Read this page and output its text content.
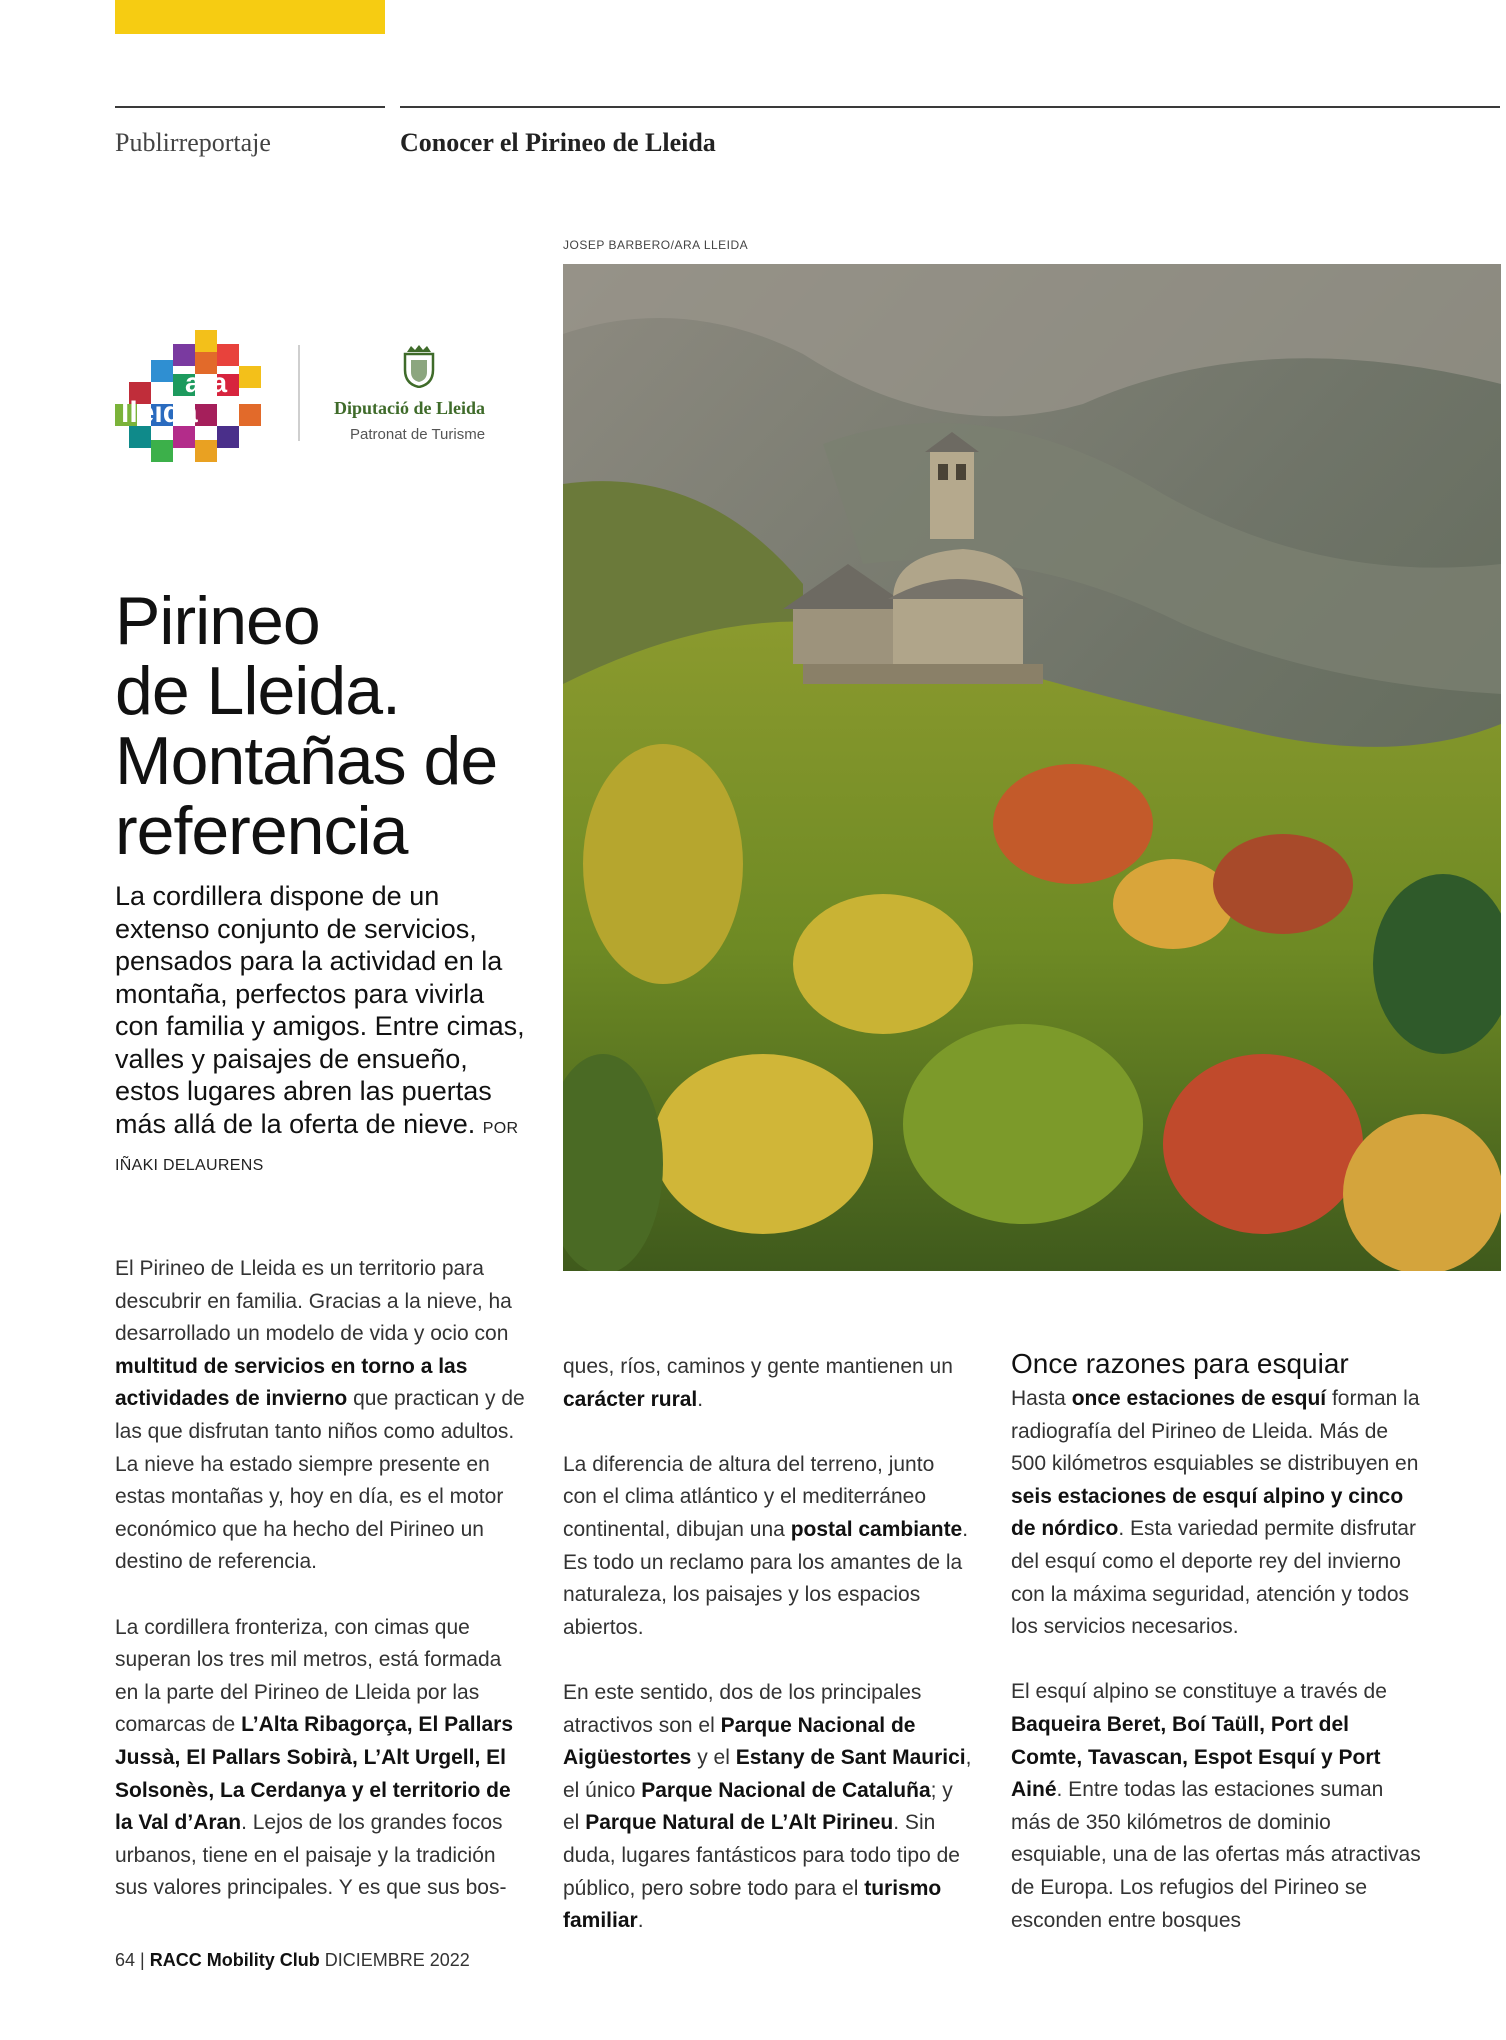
Publirreportaje	Conocer el Pirineo de Lleida
JOSEP BARBERO/ARA LLEIDA
ara
lleida	Diputació de Lleida
Patronat de Turisme
Pirineo
de Lleida.
Montañas de
referencia

La cordillera dispone de un extenso conjunto de servicios, pensados para la actividad en la montaña, perfectos para vivirla con familia y amigos. Entre cimas, valles y paisajes de ensueño, estos lugares abren las puertas más allá de la oferta de nieve. POR IÑAKI DELAURENS

El Pirineo de Lleida es un territorio para descubrir en familia. Gracias a la nieve, ha desarrollado un modelo de vida y ocio con multitud de servicios en torno a las actividades de invierno que practican y de las que disfrutan tanto niños como adultos. La nieve ha estado siempre presente en estas montañas y, hoy en día, es el motor económico que ha hecho del Pirineo un destino de referencia.

La cordillera fronteriza, con cimas que superan los tres mil metros, está formada en la parte del Pirineo de Lleida por las comarcas de L’Alta Ribagorça, El Pallars Jussà, El Pallars Sobirà, L’Alt Urgell, El Solsonès, La Cerdanya y el territorio de la Val d’Aran. Lejos de los grandes focos urbanos, tiene en el paisaje y la tradición sus valores principales. Y es que sus bos-

ques, ríos, caminos y gente mantienen un carácter rural.

La diferencia de altura del terreno, junto con el clima atlántico y el mediterráneo continental, dibujan una postal cambiante. Es todo un reclamo para los amantes de la naturaleza, los paisajes y los espacios abiertos.

En este sentido, dos de los principales atractivos son el Parque Nacional de Aigüestortes y el Estany de Sant Maurici, el único Parque Nacional de Cataluña; y el Parque Natural de L’Alt Pirineu. Sin duda, lugares fantásticos para todo tipo de público, pero sobre todo para el turismo familiar.

Once razones para esquiar

Hasta once estaciones de esquí forman la radiografía del Pirineo de Lleida. Más de 500 kilómetros esquiables se distribuyen en seis estaciones de esquí alpino y cinco de nórdico. Esta variedad permite disfrutar del esquí como el deporte rey del invierno con la máxima seguridad, atención y todos los servicios necesarios.

El esquí alpino se constituye a través de Baqueira Beret, Boí Taüll, Port del Comte, Tavascan, Espot Esquí y Port Ainé. Entre todas las estaciones suman más de 350 kilómetros de dominio esquiable, una de las ofertas más atractivas de Europa. Los refugios del Pirineo se esconden entre bosques

64 | RACC Mobility Club DICIEMBRE 2022
